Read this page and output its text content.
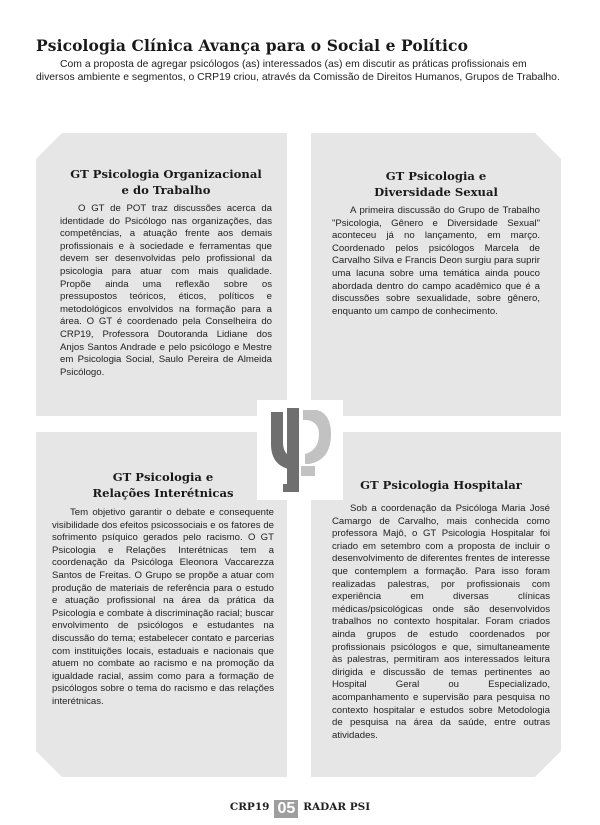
Psicologia Clínica Avança para o Social e Político

Com a proposta de agregar psicólogos (as) interessados (as) em discutir as práticas profissionais em diversos ambiente e segmentos, o CRP19 criou, através da Comissão de Direitos Humanos, Grupos de Trabalho.

GT Psicologia Organizacional
e do Trabalho

O GT de POT traz discussões acerca da identidade do Psicólogo nas organizações, das competências, a atuação frente aos demais profissionais e à sociedade e ferramentas que devem ser desenvolvidas pelo profissional da psicologia para atuar com mais qualidade. Propõe ainda uma reflexão sobre os pressupostos teóricos, éticos, políticos e metodológicos envolvidos na formação para a área. O GT é coordenado pela Conselheira do CRP19, Professora Doutoranda Lidiane dos Anjos Santos Andrade e pelo psicólogo e Mestre em Psicologia Social, Saulo Pereira de Almeida Psicólogo.

GT Psicologia e
Diversidade Sexual

A primeira discussão do Grupo de Trabalho "Psicologia, Gênero e Diversidade Sexual" aconteceu já no lançamento, em março. Coordenado pelos psicólogos Marcela de Carvalho Silva e Francis Deon surgiu para suprir uma lacuna sobre uma temática ainda pouco abordada dentro do campo acadêmico que é a discussões sobre sexualidade, sobre gênero, enquanto um campo de conhecimento.

GT Psicologia e
Relações Interétnicas

Tem objetivo garantir o debate e consequente visibilidade dos efeitos psicossociais e os fatores de sofrimento psíquico gerados pelo racismo. O GT Psicologia e Relações Interétnicas tem a coordenação da Psicóloga Eleonora Vaccarezza Santos de Freitas. O Grupo se propõe a atuar com produção de materiais de referência para o estudo e atuação profissional na área da prática da Psicologia e combate à discriminação racial; buscar envolvimento de psicólogos e estudantes na discussão do tema; estabelecer contato e parcerias com instituições locais, estaduais e nacionais que atuem no combate ao racismo e na promoção da igualdade racial, assim como para a formação de psicólogos sobre o tema do racismo e das relações interétnicas.

GT Psicologia Hospitalar

Sob a coordenação da Psicóloga Maria José Camargo de Carvalho, mais conhecida como professora Majô, o GT Psicologia Hospitalar foi criado em setembro com a proposta de incluir o desenvolvimento de diferentes frentes de interesse que contemplem a formação. Para isso foram realizadas palestras, por profissionais com experiência em diversas clínicas médicas/psicológicas onde são desenvolvidos trabalhos no contexto hospitalar. Foram criados ainda grupos de estudo coordenados por profissionais psicólogos e que, simultaneamente às palestras, permitiram aos interessados leitura dirigida e discussão de temas pertinentes ao Hospital Geral ou Especializado, acompanhamento e supervisão para pesquisa no contexto hospitalar e estudos sobre Metodologia de pesquisa na área da saúde, entre outras atividades.

CRP19 05 RADAR PSI
